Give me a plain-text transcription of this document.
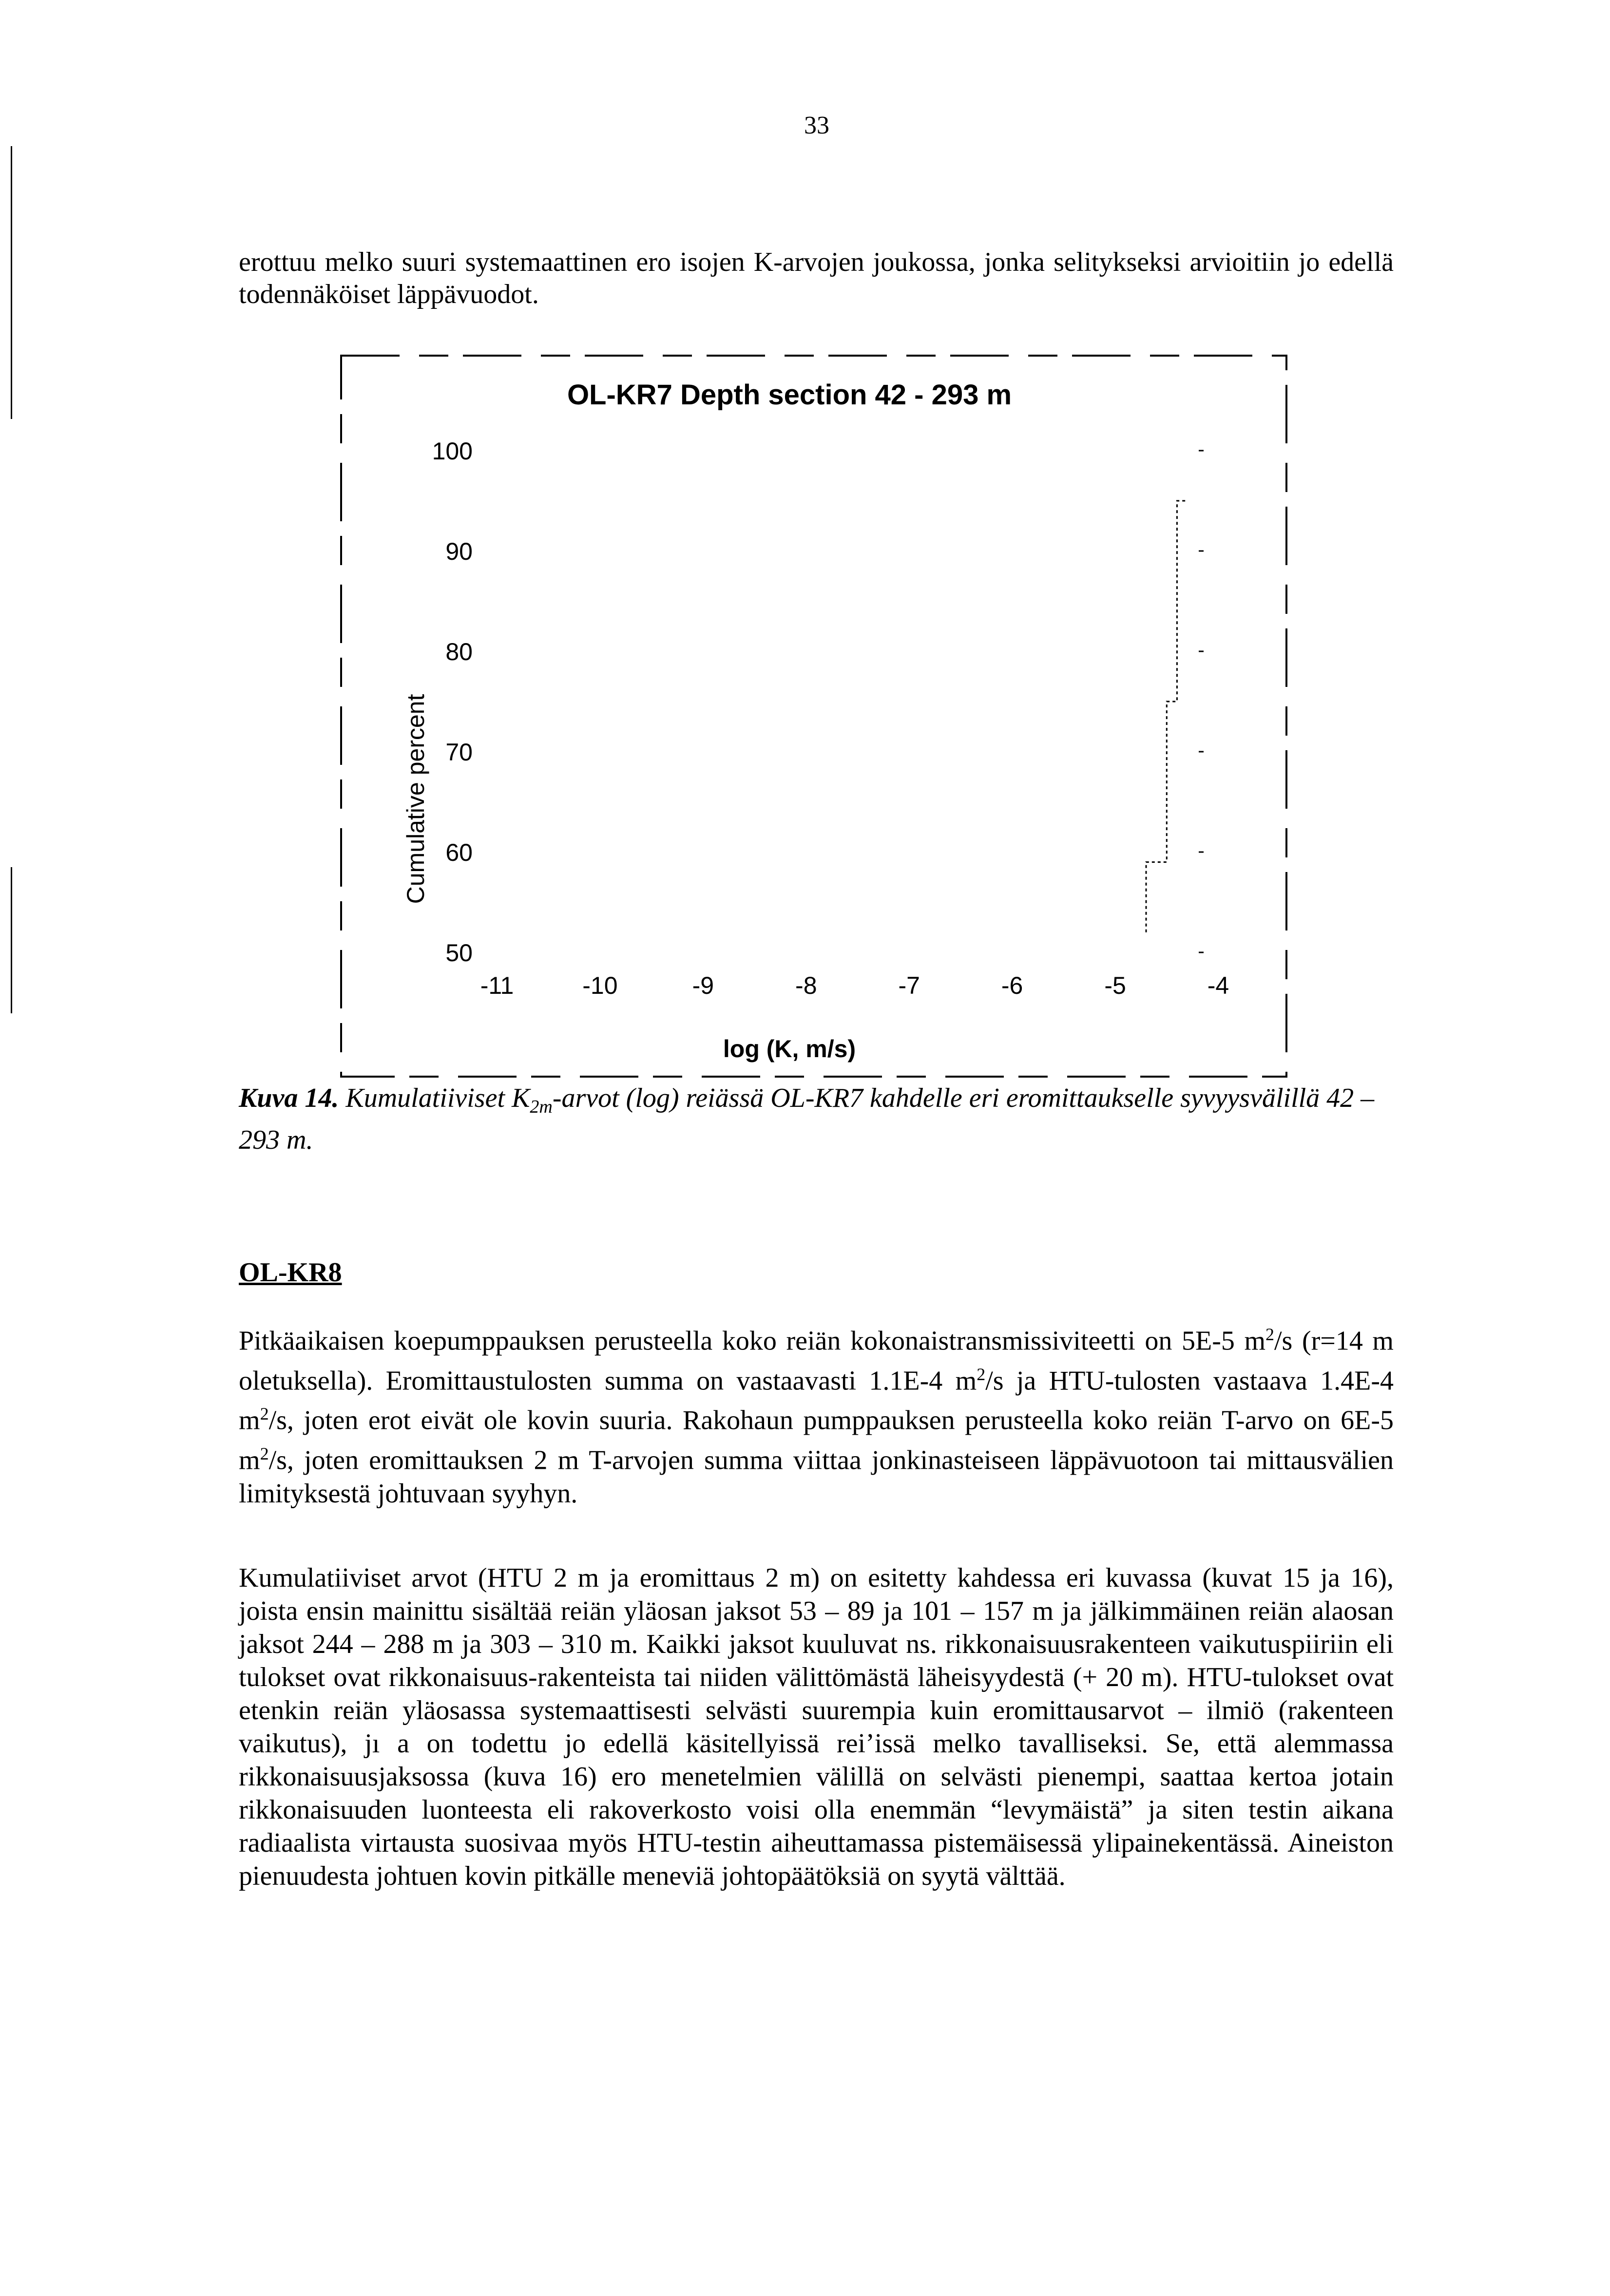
33

erottuu melko suuri systemaattinen ero isojen K-arvojen joukossa, jonka selitykseksi arvioitiin jo edellä todennäköiset läppävuodot.

OL-KR7 Depth section 42 - 293 m
50
60
70
80
90
100
-11	-10	-9	-8	-7	-6	-5	-4
Cumulative percent
log (K, m/s)

Kuva 14. Kumulatiiviset $K_{2m}$-arvot (log) reiässä OL-KR7 kahdelle eri eromittaukselle syvyysvälillä 42 – 293 m.

OL-KR8

Pitkäaikaisen koepumppauksen perusteella koko reiän kokonaistransmissiviteetti on 5E-5 $m^2/s$ (r=14 m oletuksella). Eromittaustulosten summa on vastaavasti 1.1E-4 $m^2/s$ ja HTU-tulosten vastaava 1.4E-4 $m^2/s$, joten erot eivät ole kovin suuria. Rakohaun pumppauksen perusteella koko reiän T-arvo on 6E-5 $m^2/s$, joten eromittauksen 2 m T-arvojen summa viittaa jonkinasteiseen läppävuotoon tai mittausvälien limityksestä johtuvaan syyhyn.

Kumulatiiviset arvot (HTU 2 m ja eromittaus 2 m) on esitetty kahdessa eri kuvassa (kuvat 15 ja 16), joista ensin mainittu sisältää reiän yläosan jaksot 53 – 89 ja 101 – 157 m ja jälkimmäinen reiän alaosan jaksot 244 – 288 m ja 303 – 310 m. Kaikki jaksot kuuluvat ns. rikkonaisuusrakenteen vaikutuspiiriin eli tulokset ovat rikkonaisuus-rakenteista tai niiden välittömästä läheisyydestä (+ 20 m). HTU-tulokset ovat etenkin reiän yläosassa systemaattisesti selvästi suurempia kuin eromittausarvot – ilmiö (rakenteen vaikutus), jı a on todettu jo edellä käsitellyissä rei’issä melko tavalliseksi. Se, että alemmassa rikkonaisuusjaksossa (kuva 16) ero menetelmien välillä on selvästi pienempi, saattaa kertoa jotain rikkonaisuuden luonteesta eli rakoverkosto voisi olla enemmän “levymäistä” ja siten testin aikana radiaalista virtausta suosivaa myös HTU-testin aiheuttamassa pistemäisessä ylipainekentässä. Aineiston pienuudesta johtuen kovin pitkälle meneviä johtopäätöksiä on syytä välttää.
